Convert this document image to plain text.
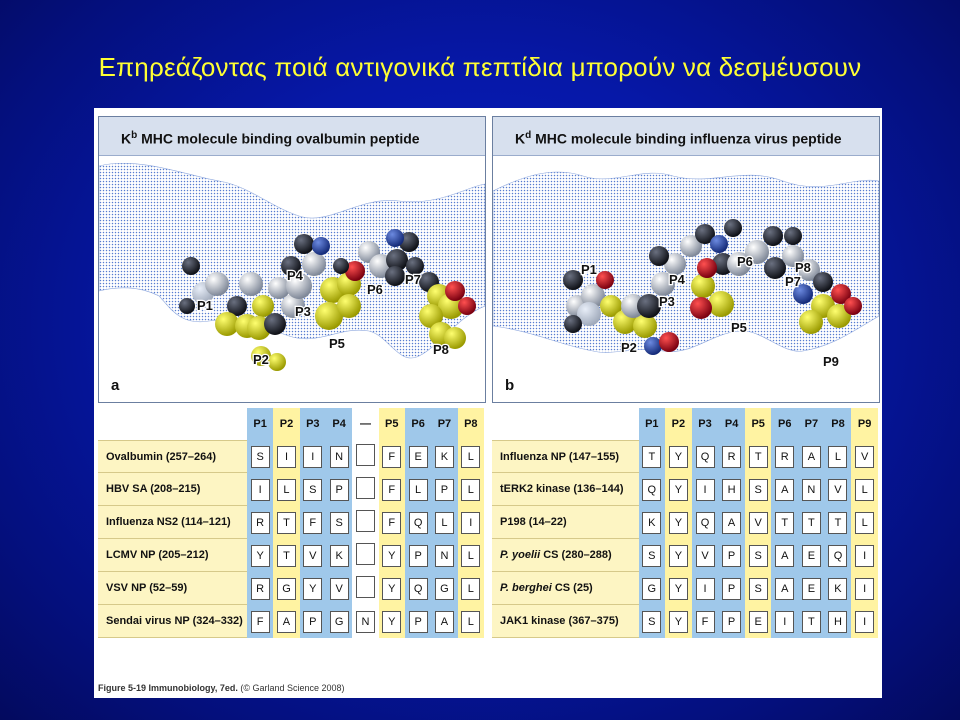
Επηρεάζοντας ποιά αντιγονικά πεπτίδια μπορούν να δεσμέυσουν
$K^b$ MHC molecule binding ovalbumin peptide
P1
P2
P3
P4
P5
P6
P7
P8
a
$K^d$ MHC molecule binding influenza virus peptide
P1
P2
P3
P4
P5
P6
P7
P8
P9
b
	P1	P2	P3	P4	—	P5	P6	P7	P8
Ovalbumin (257–264)	S	I	I	N		F	E	K	L
HBV SA (208–215)	I	L	S	P		F	L	P	L
Influenza NS2 (114–121)	R	T	F	S		F	Q	L	I
LCMV NP (205–212)	Y	T	V	K		Y	P	N	L
VSV NP (52–59)	R	G	Y	V		Y	Q	G	L
Sendai virus NP (324–332)	F	A	P	G	N	Y	P	A	L
	P1	P2	P3	P4	P5	P6	P7	P8	P9
Influenza NP (147–155)	T	Y	Q	R	T	R	A	L	V
tERK2 kinase (136–144)	Q	Y	I	H	S	A	N	V	L
P198 (14–22)	K	Y	Q	A	V	T	T	T	L
P. yoelii CS (280–288)	S	Y	V	P	S	A	E	Q	I
P. berghei CS (25)	G	Y	I	P	S	A	E	K	I
JAK1 kinase (367–375)	S	Y	F	P	E	I	T	H	I
Figure 5-19 Immunobiology, 7ed. (© Garland Science 2008)
